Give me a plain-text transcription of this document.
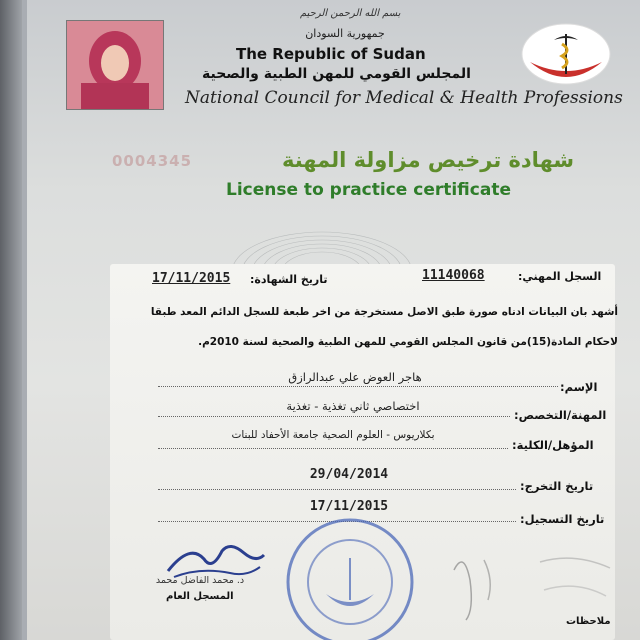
بسم الله الرحمن الرحيم
جمهورية السودان
The Republic of Sudan
المجلس القومي للمهن الطبية والصحية
National Council for Medical & Health Professions
0004345	شهادة ترخيص مزاولة المهنة
License to practice certificate
السجل المهني:
11140068
تاريخ الشهادة:
17/11/2015
أشهد بان البيانات ادناه صورة طبق الاصل مستخرجة من اخر طبعة للسجل الدائم المعد طبقا
لاحكام المادة(15)من قانون المجلس القومي للمهن الطبية والصحية لسنة 2010م.
الإسم:
هاجر العوض علي عبدالرازق
المهنة/التخصص:
اختصاصي ثاني تغذية - تغذية
المؤهل/الكلية:
بكلاريوس - العلوم الصحية جامعة الأحفاد للبنات
تاريخ التخرج:
29/04/2014
تاريخ التسجيل:
17/11/2015
د. محمد الفاضل محمد
المسجل العام
ملاحظات
